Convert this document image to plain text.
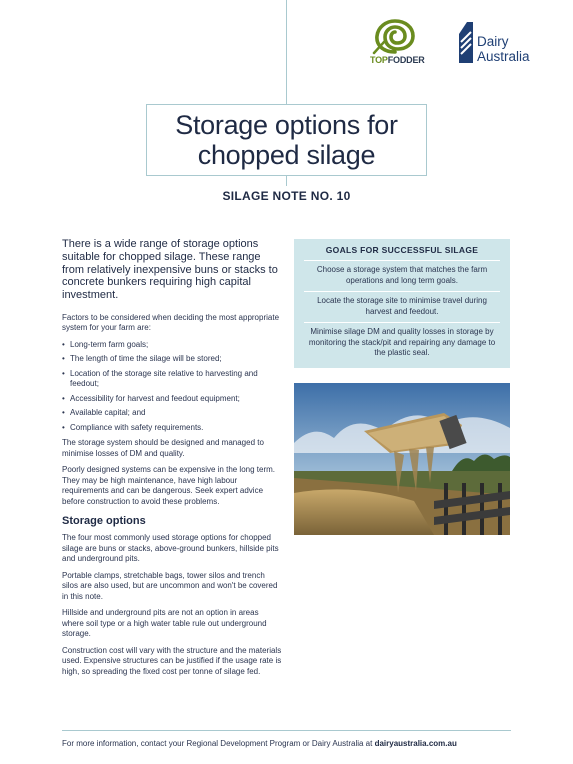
TOPFODDER
Dairy
Australia
Storage options for chopped silage
SILAGE NOTE NO. 10

There is a wide range of storage options suitable for chopped silage. These range from relatively inexpensive buns or stacks to concrete bunkers requiring high capital investment.

Factors to be considered when deciding the most appropriate system for your farm are:

• Long-term farm goals;
• The length of time the silage will be stored;
• Location of the storage site relative to harvesting and feedout;
• Accessibility for harvest and feedout equipment;
• Available capital; and
• Compliance with safety requirements.

The storage system should be designed and managed to minimise losses of DM and quality.

Poorly designed systems can be expensive in the long term. They may be high maintenance, have high labour requirements and can be dangerous. Seek expert advice before construction to avoid these problems.

Storage options

The four most commonly used storage options for chopped silage are buns or stacks, above-ground bunkers, hillside pits and underground pits.

Portable clamps, stretchable bags, tower silos and trench silos are also used, but are uncommon and won't be covered in this note.

Hillside and underground pits are not an option in areas where soil type or a high water table rule out underground storage.

Construction cost will vary with the structure and the materials used. Expensive structures can be justified if the usage rate is high, so spreading the fixed cost per tonne of silage fed.

GOALS FOR SUCCESSFUL SILAGE
Choose a storage system that matches the farm operations and long term goals.
Locate the storage site to minimise travel during harvest and feedout.
Minimise silage DM and quality losses in storage by monitoring the stack/pit and repairing any damage to the plastic seal.
For more information, contact your Regional Development Program or Dairy Australia at dairyaustralia.com.au
